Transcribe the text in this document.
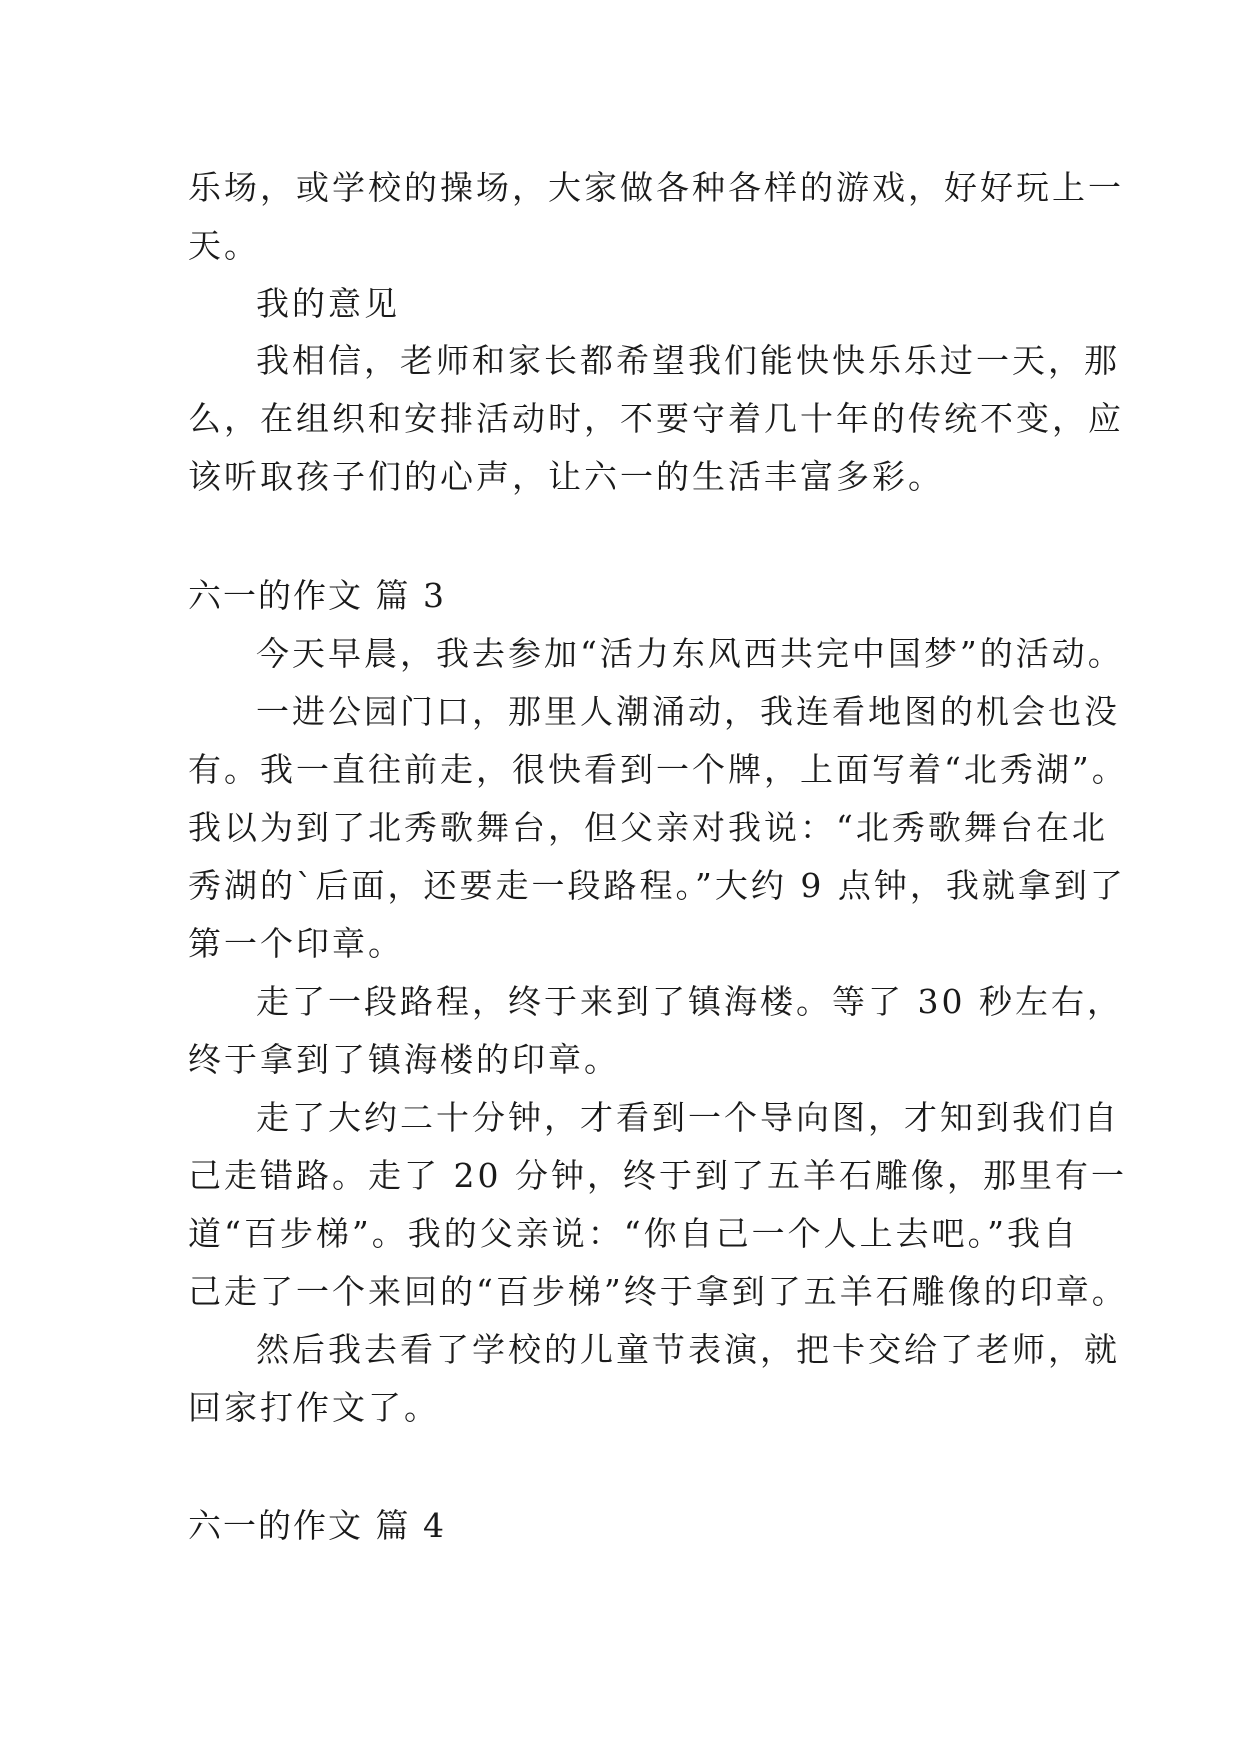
乐场，或学校的操场，大家做各种各样的游戏，好好玩上一
天。
我的意见
我相信，老师和家长都希望我们能快快乐乐过一天，那
么，在组织和安排活动时，不要守着几十年的传统不变，应
该听取孩子们的心声，让六一的生活丰富多彩。
六一的作文 篇 3
今天早晨，我去参加“活力东风西共完中国梦”的活动。
一进公园门口，那里人潮涌动，我连看地图的机会也没
有。我一直往前走，很快看到一个牌，上面写着“北秀湖”。
我以为到了北秀歌舞台，但父亲对我说：“北秀歌舞台在北
秀湖的`后面，还要走一段路程。”大约 9 点钟，我就拿到了
第一个印章。
走了一段路程，终于来到了镇海楼。等了 30 秒左右，
终于拿到了镇海楼的印章。
走了大约二十分钟，才看到一个导向图，才知到我们自
己走错路。走了 20 分钟，终于到了五羊石雕像，那里有一
道“百步梯”。我的父亲说：“你自己一个人上去吧。”我自
己走了一个来回的“百步梯”终于拿到了五羊石雕像的印章。
然后我去看了学校的儿童节表演，把卡交给了老师，就
回家打作文了。
六一的作文 篇 4
